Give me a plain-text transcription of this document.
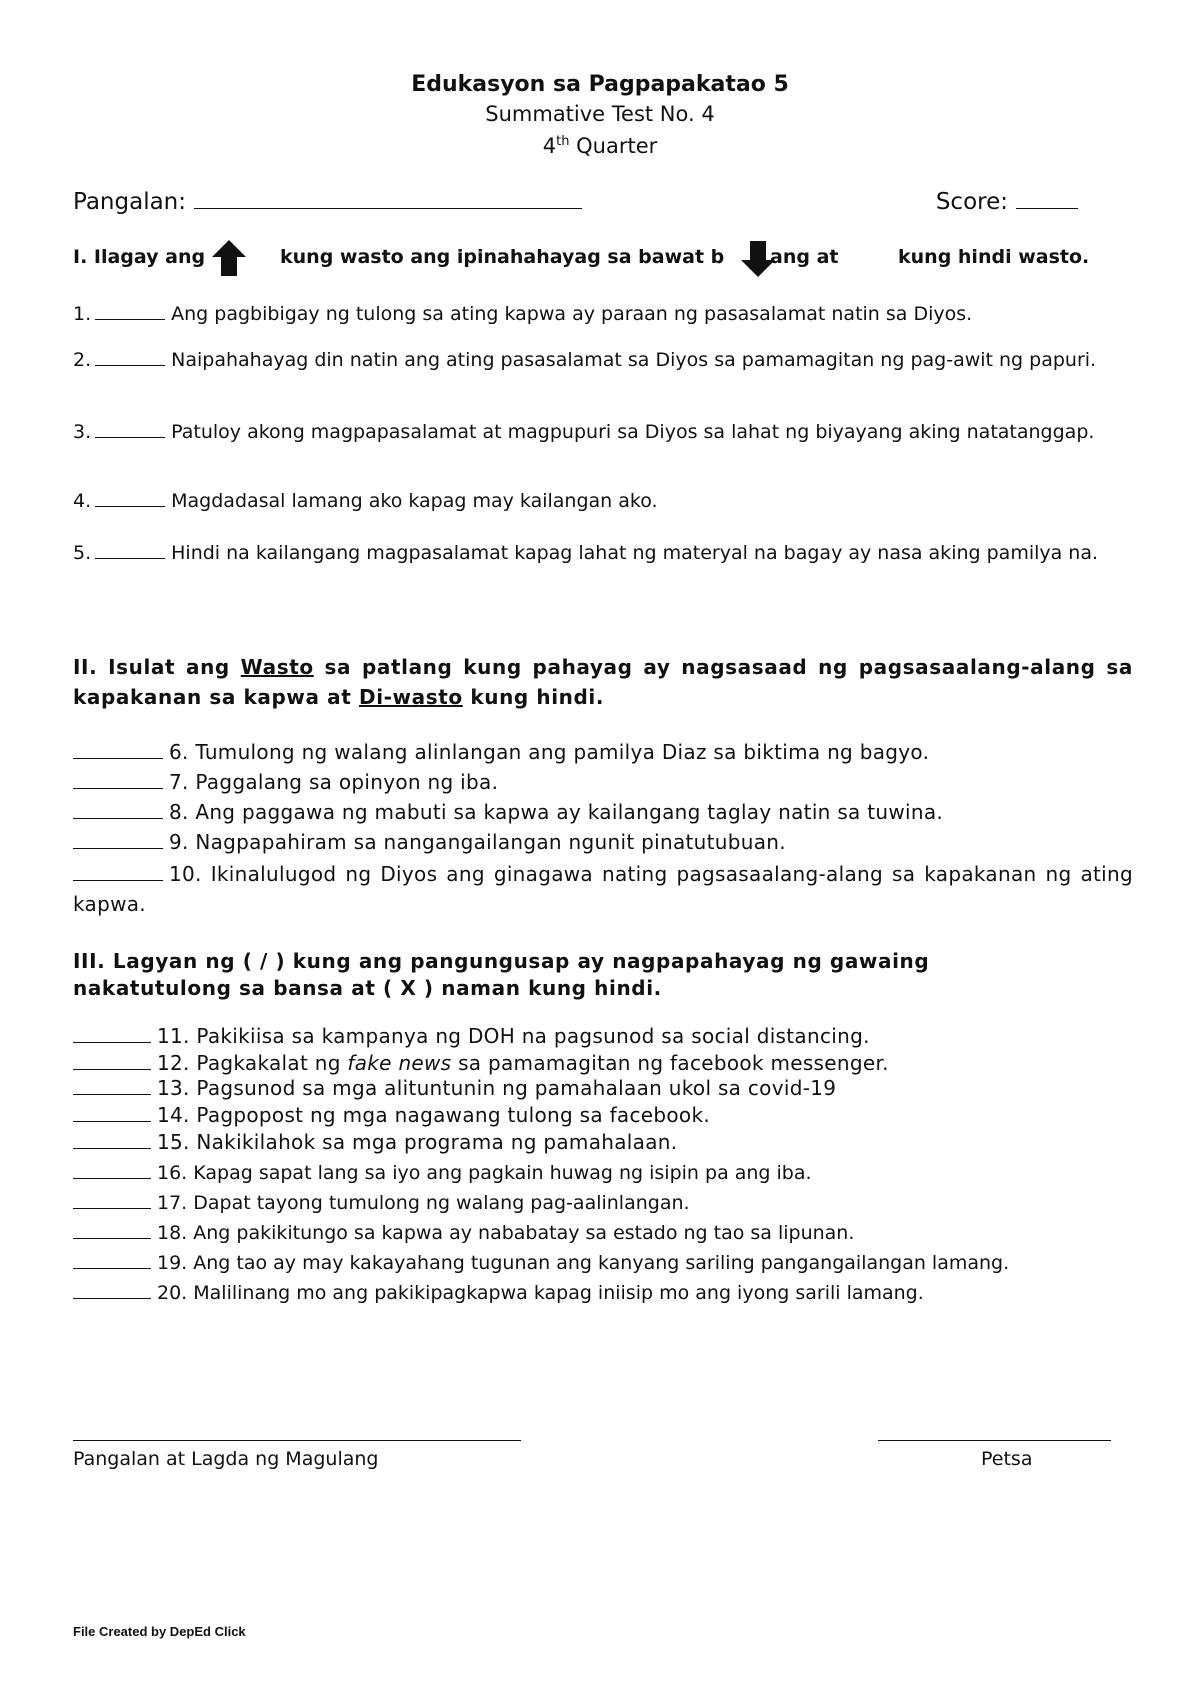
Edukasyon sa Pagpapakatao 5
Summative Test No. 4
4th Quarter
Pangalan:	Score:
I. Ilagay ang	kung wasto ang ipinahahayag sa bawat b ang at	kung hindi wasto.
1.	Ang pagbibigay ng tulong sa ating kapwa ay paraan ng pasasalamat natin sa Diyos.
2.	Naipahahayag din natin ang ating pasasalamat sa Diyos sa pamamagitan ng pag-awit ng papuri.
3.	Patuloy akong magpapasalamat at magpupuri sa Diyos sa lahat ng biyayang aking natatanggap.
4.	Magdadasal lamang ako kapag may kailangan ako.
5.	Hindi na kailangang magpasalamat kapag lahat ng materyal na bagay ay nasa aking pamilya na.
II. Isulat ang Wasto sa patlang kung pahayag ay nagsasaad ng pagsasaalang-alang sa kapakanan sa kapwa at Di-wasto kung hindi.
6. Tumulong ng walang alinlangan ang pamilya Diaz sa biktima ng bagyo.
7. Paggalang sa opinyon ng iba.
8. Ang paggawa ng mabuti sa kapwa ay kailangang taglay natin sa tuwina.
9. Nagpapahiram sa nangangailangan ngunit pinatutubuan.
10. Ikinalulugod ng Diyos ang ginagawa nating pagsasaalang-alang sa kapakanan ng ating kapwa.
III. Lagyan ng ( / ) kung ang pangungusap ay nagpapahayag ng gawaing
nakatutulong sa bansa at ( X ) naman kung hindi.
11. Pakikiisa sa kampanya ng DOH na pagsunod sa social distancing.
12. Pagkakalat ng fake news sa pamamagitan ng facebook messenger.
13. Pagsunod sa mga alituntunin ng pamahalaan ukol sa covid-19
14. Pagpopost ng mga nagawang tulong sa facebook.
15. Nakikilahok sa mga programa ng pamahalaan.
16. Kapag sapat lang sa iyo ang pagkain huwag ng isipin pa ang iba.
17. Dapat tayong tumulong ng walang pag-aalinlangan.
18. Ang pakikitungo sa kapwa ay nababatay sa estado ng tao sa lipunan.
19. Ang tao ay may kakayahang tugunan ang kanyang sariling pangangailangan lamang.
20. Malilinang mo ang pakikipagkapwa kapag iniisip mo ang iyong sarili lamang.
Pangalan at Lagda ng Magulang	Petsa
File Created by DepEd Click
